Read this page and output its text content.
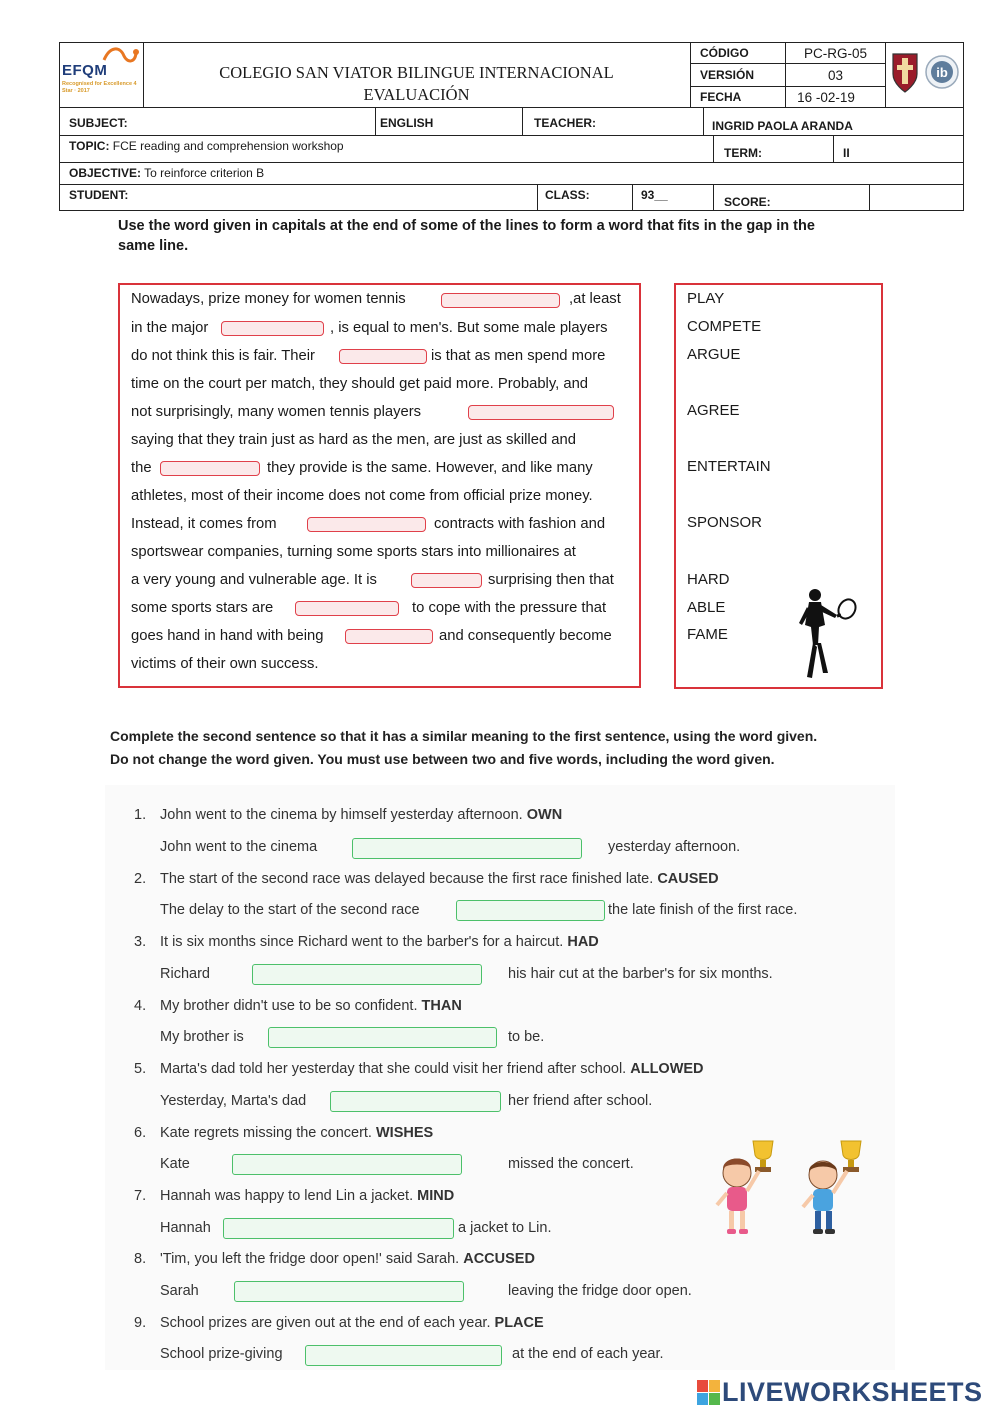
EFQM
Recognised for Excellence 4 Star · 2017
COLEGIO SAN VIATOR BILINGUE INTERNACIONAL
EVALUACIÓN
CÓDIGO	PC-RG-05
VERSIÓN	03
FECHA	16 -02-19
ib
SUBJECT:	ENGLISH	TEACHER:	INGRID PAOLA ARANDA
TOPIC: FCE reading and comprehension workshop	TERM:	II
OBJECTIVE: To reinforce criterion B
STUDENT:	CLASS:	93__	SCORE:
Use the word given in capitals at the end of some of the lines to form a word that fits in the gap in the
same line.
Nowadays, prize money for women tennis	,at least
in the major	, is equal to men's. But some male players
do not think this is fair. Their	is that as men spend more
time on the court per match, they should get paid more. Probably, and
not surprisingly, many women tennis players
saying that they train just as hard as the men, are just as skilled and
the	they provide is the same. However, and like many
athletes, most of their income does not come from official prize money.
Instead, it comes from	contracts with fashion and
sportswear companies, turning some sports stars into millionaires at
a very young and vulnerable age. It is	surprising then that
some sports stars are	to cope with the pressure that
goes hand in hand with being	and consequently become
victims of their own success.
PLAY
COMPETE
ARGUE
AGREE
ENTERTAIN
SPONSOR
HARD
ABLE
FAME
Complete the second sentence so that it has a similar meaning to the first sentence, using the word given.
Do not change the word given. You must use between two and five words, including the word given.
1. John went to the cinema by himself yesterday afternoon. OWN
John went to the cinema	yesterday afternoon.
2. The start of the second race was delayed because the first race finished late. CAUSED
The delay to the start of the second race	the late finish of the first race.
3. It is six months since Richard went to the barber's for a haircut. HAD
Richard	his hair cut at the barber's for six months.
4. My brother didn't use to be so confident. THAN
My brother is	to be.
5. Marta's dad told her yesterday that she could visit her friend after school. ALLOWED
Yesterday, Marta's dad	her friend after school.
6. Kate regrets missing the concert. WISHES
Kate	missed the concert.
7. Hannah was happy to lend Lin a jacket. MIND
Hannah	a jacket to Lin.
8. 'Tim, you left the fridge door open!' said Sarah. ACCUSED
Sarah	leaving the fridge door open.
9. School prizes are given out at the end of each year. PLACE
School prize-giving	at the end of each year.
LIVEWORKSHEETS
